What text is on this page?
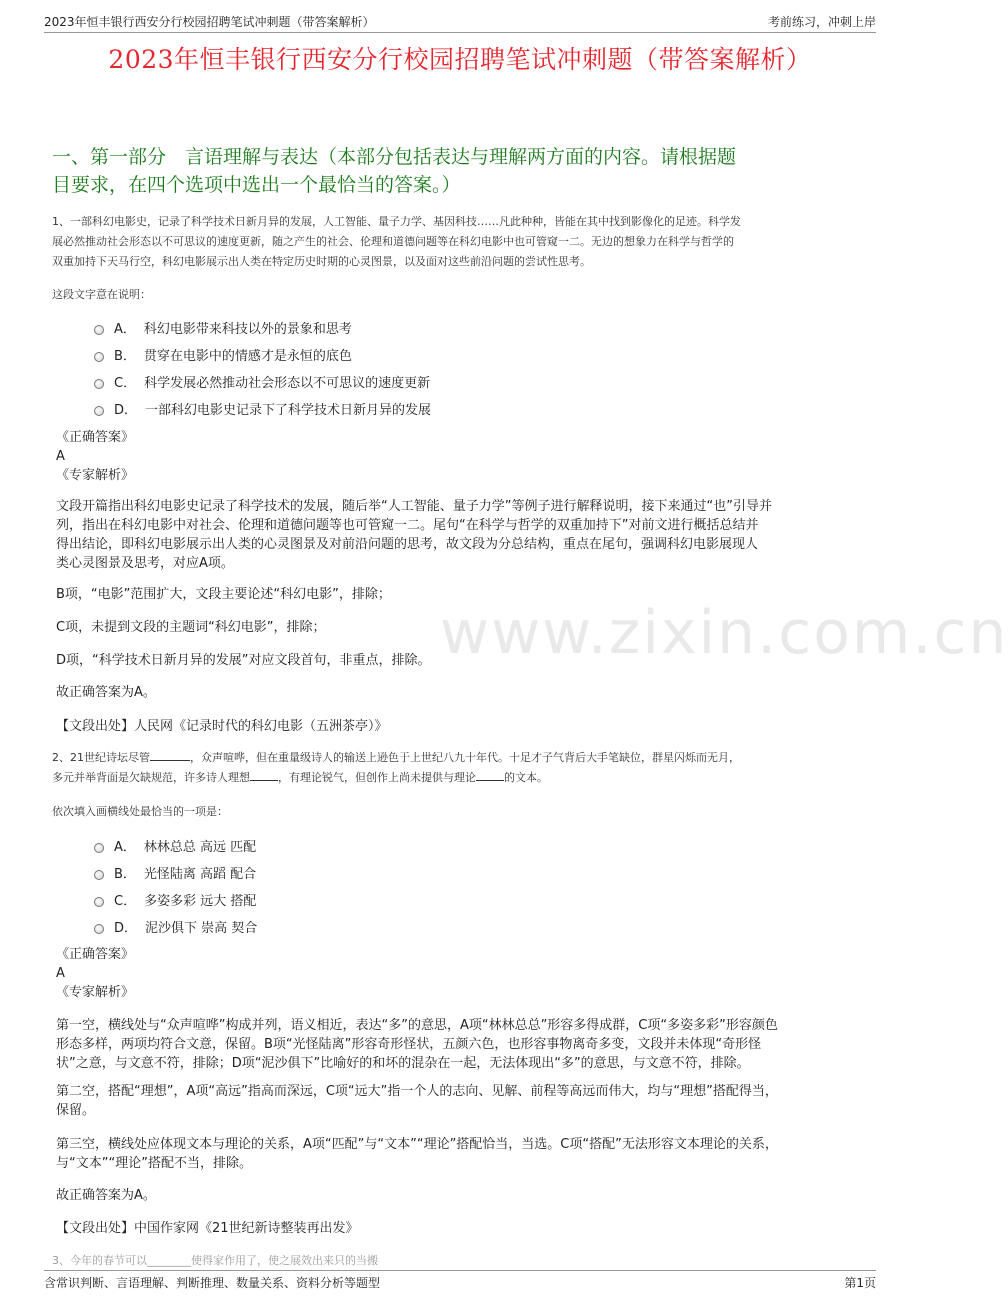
2023年恒丰银行西安分行校园招聘笔试冲刺题（带答案解析）	考前练习，冲刺上岸
2023年恒丰银行西安分行校园招聘笔试冲刺题（带答案解析）
一、第一部分　言语理解与表达（本部分包括表达与理解两方面的内容。请根据题
目要求，在四个选项中选出一个最恰当的答案。）
www.zixin.com.cn
1、一部科幻电影史，记录了科学技术日新月异的发展，人工智能、量子力学、基因科技……凡此种种，皆能在其中找到影像化的足迹。科学发
展必然推动社会形态以不可思议的速度更新，随之产生的社会、伦理和道德问题等在科幻电影中也可管窥一二。无边的想象力在科学与哲学的
双重加持下天马行空，科幻电影展示出人类在特定历史时期的心灵图景，以及面对这些前沿问题的尝试性思考。
这段文字意在说明：
A． 科幻电影带来科技以外的景象和思考
B． 贯穿在电影中的情感才是永恒的底色
C． 科学发展必然推动社会形态以不可思议的速度更新
D． 一部科幻电影史记录下了科学技术日新月异的发展
《正确答案》
A
《专家解析》
文段开篇指出科幻电影史记录了科学技术的发展，随后举“人工智能、量子力学”等例子进行解释说明，接下来通过“也”引导并
列，指出在科幻电影中对社会、伦理和道德问题等也可管窥一二。尾句“在科学与哲学的双重加持下”对前文进行概括总结并
得出结论，即科幻电影展示出人类的心灵图景及对前沿问题的思考，故文段为分总结构，重点在尾句，强调科幻电影展现人
类心灵图景及思考，对应A项。
B项，“电影”范围扩大，文段主要论述“科幻电影”，排除；
C项，未提到文段的主题词“科幻电影”，排除；
D项，“科学技术日新月异的发展”对应文段首句，非重点，排除。
故正确答案为A。
【文段出处】人民网《记录时代的科幻电影（五洲茶亭）》
2、21世纪诗坛尽管	，众声喧哗，但在重量级诗人的输送上逊色于上世纪八九十年代。十足才子气背后大手笔缺位，群星闪烁而无月，
多元并举背面是欠缺规范，许多诗人理想	，有理论锐气，但创作上尚未提供与理论	的文本。
依次填入画横线处最恰当的一项是：
A． 林林总总 高远 匹配
B． 光怪陆离 高蹈 配合
C． 多姿多彩 远大 搭配
D． 泥沙俱下 崇高 契合
《正确答案》
A
《专家解析》
第一空，横线处与“众声喧哗”构成并列，语义相近，表达“多”的意思，A项“林林总总”形容多得成群，C项“多姿多彩”形容颜色
形态多样，两项均符合文意，保留。B项“光怪陆离”形容奇形怪状，五颜六色，也形容事物离奇多变，文段并未体现“奇形怪
状”之意，与文意不符，排除；D项“泥沙俱下”比喻好的和坏的混杂在一起，无法体现出“多”的意思，与文意不符，排除。
第二空，搭配“理想”，A项“高远”指高而深远，C项“远大”指一个人的志向、见解、前程等高远而伟大，均与“理想”搭配得当，
保留。
第三空，横线处应体现文本与理论的关系，A项“匹配”与“文本”“理论”搭配恰当，当选。C项“搭配”无法形容文本理论的关系，
与“文本”“理论”搭配不当，排除。
故正确答案为A。
【文段出处】中国作家网《21世纪新诗整装再出发》
3、今年的春节可以________使得家作用了，使之展效出来只的当搬
含常识判断、言语理解、判断推理、数量关系、资料分析等题型	第1页
